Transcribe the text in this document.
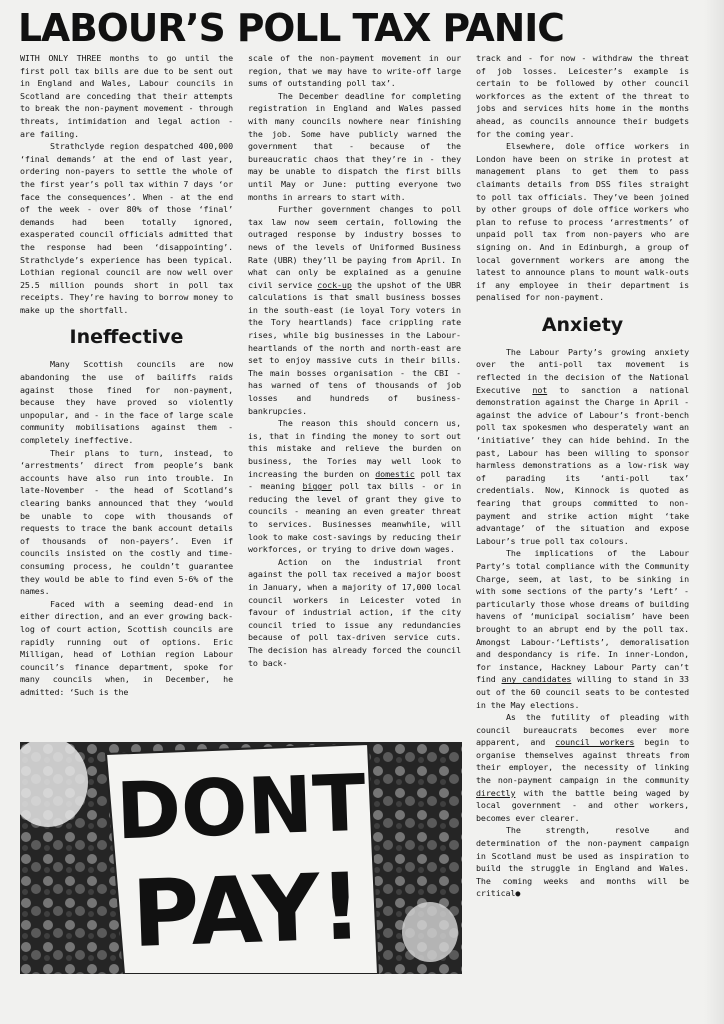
LABOUR’S POLL TAX PANIC

WITH ONLY THREE months to go until the first poll tax bills are due to be sent out in England and Wales, Labour councils in Scotland are conceding that their attempts to break the non-payment movement - through threats, intimidation and legal action - are failing.

Strathclyde region despatched 400,000 ‘final demands’ at the end of last year, ordering non-payers to settle the whole of the first year’s poll tax within 7 days ‘or face the consequences’. When - at the end of the week - over 80% of those ‘final’ demands had been totally ignored, exasperated council officials admitted that the response had been ‘disappointing’. Strathclyde’s experience has been typical. Lothian regional council are now well over 25.5 million pounds short in poll tax receipts. They’re having to borrow money to make up the shortfall.

Ineffective

Many Scottish councils are now abandoning the use of bailiffs raids against those fined for non-payment, because they have proved so violently unpopular, and - in the face of large scale community mobilisations against them - completely ineffective.

Their plans to turn, instead, to ‘arrestments’ direct from people’s bank accounts have also run into trouble. In late-November - the head of Scotland’s clearing banks announced that they ‘would be unable to cope with thousands of requests to trace the bank account details of thousands of non-payers’. Even if councils insisted on the costly and time-consuming process, he couldn’t guarantee they would be able to find even 5-6% of the names.

Faced with a seeming dead-end in either direction, and an ever growing back-log of court action, Scottish councils are rapidly running out of options. Eric Milligan, head of Lothian region Labour council’s finance department, spoke for many councils when, in December, he admitted: ‘Such is the

scale of the non-payment movement in our region, that we may have to write-off large sums of outstanding poll tax’.

The December deadline for completing registration in England and Wales passed with many councils nowhere near finishing the job. Some have publicly warned the government that - because of the bureaucratic chaos that they’re in - they may be unable to dispatch the first bills until May or June: putting everyone two months in arrears to start with.

Further government changes to poll tax law now seem certain, following the outraged response by industry bosses to news of the levels of Uniformed Business Rate (UBR) they’ll be paying from April. In what can only be explained as a genuine civil service cock-up the upshot of the UBR calculations is that small business bosses in the south-east (ie loyal Tory voters in the Tory heartlands) face crippling rate rises, while big businesses in the Labour-heartlands of the north and north-east are set to enjoy massive cuts in their bills. The main bosses organisation - the CBI - has warned of tens of thousands of job losses and hundreds of business-bankrupcies.

The reason this should concern us, is, that in finding the money to sort out this mistake and relieve the burden on business, the Tories may well look to increasing the burden on domestic poll tax - meaning bigger poll tax bills - or in reducing the level of grant they give to councils - meaning an even greater threat to services. Businesses meanwhile, will look to make cost-savings by reducing their workforces, or trying to drive down wages.

Action on the industrial front against the poll tax received a major boost in January, when a majority of 17,000 local council workers in Leicester voted in favour of industrial action, if the city council tried to issue any redundancies because of poll tax-driven service cuts. The decision has already forced the council to back-

track and - for now - withdraw the threat of job losses. Leicester’s example is certain to be followed by other council workforces as the extent of the threat to jobs and services hits home in the months ahead, as councils announce their budgets for the coming year.

Elsewhere, dole office workers in London have been on strike in protest at management plans to get them to pass claimants details from DSS files straight to poll tax officials. They’ve been joined by other groups of dole office workers who plan to refuse to process ‘arrestments’ of unpaid poll tax from non-payers who are signing on. And in Edinburgh, a group of local government workers are among the latest to announce plans to mount walk-outs if any employee in their department is penalised for non-payment.

Anxiety

The Labour Party’s growing anxiety over the anti-poll tax movement is reflected in the decision of the National Executive not to sanction a national demonstration against the Charge in April - against the advice of Labour’s front-bench poll tax spokesmen who desperately want an ‘initiative’ they can hide behind. In the past, Labour has been willing to sponsor harmless demonstrations as a low-risk way of parading its ‘anti-poll tax’ credentials. Now, Kinnock is quoted as fearing that groups committed to non-payment and strike action might ‘take advantage’ of the situation and expose Labour’s true poll tax colours.

The implications of the Labour Party’s total compliance with the Community Charge, seem, at last, to be sinking in with some sections of the party’s ‘Left’ - particularly those whose dreams of building havens of ‘municipal socialism’ have been brought to an abrupt end by the poll tax. Amongst Labour-‘Leftists’, demoralisation and despondancy is rife. In inner-London, for instance, Hackney Labour Party can’t find any candidates willing to stand in 33 out of the 60 council seats to be contested in the May elections.

As the futility of pleading with council bureaucrats becomes ever more apparent, and council workers begin to organise themselves against threats from their employer, the necessity of linking the non-payment campaign in the community directly with the battle being waged by local government - and other workers, becomes ever clearer.

The strength, resolve and determination of the non-payment campaign in Scotland must be used as inspiration to build the struggle in England and Wales. The coming weeks and months will be critical●

DONT
PAY!
